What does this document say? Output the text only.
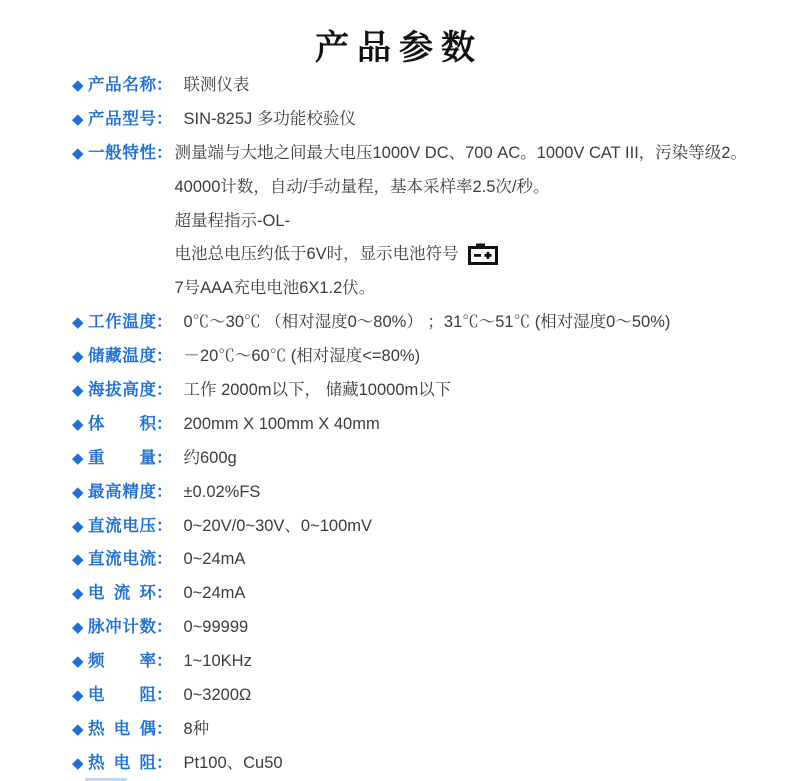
产品参数
◆ 产品名称 ： 联测仪表
◆ 产品型号 ： SIN-825J 多功能校验仪
◆ 一般特性 ： 测量端与大地之间最大电压1000V DC、700 AC。1000V CAT III，污染等级2。
40000计数，自动/手动量程，基本采样率2.5次/秒。
超量程指示-OL-
电池总电压约低于6V时，显示电池符号
7号AAA充电电池6X1.2伏。
◆ 工作温度 ： 0℃～30℃ （相对湿度0～80%） ；31℃～51℃ (相对湿度0～50%)
◆ 储藏温度 ： －20℃～60℃ (相对湿度<=80%)
◆ 海拔高度 ： 工作 2000m以下， 储藏10000m以下
◆ 体积 ： 200mm X 100mm X 40mm
◆ 重量 ： 约600g
◆ 最高精度 ： ±0.02%FS
◆ 直流电压 ： 0~20V/0~30V、0~100mV
◆ 直流电流 ： 0~24mA
◆ 电流环 ： 0~24mA
◆ 脉冲计数 ： 0~99999
◆ 频率 ： 1~10KHz
◆ 电阻 ： 0~3200Ω
◆ 热电偶 ： 8种
◆ 热电阻 ： Pt100、Cu50
